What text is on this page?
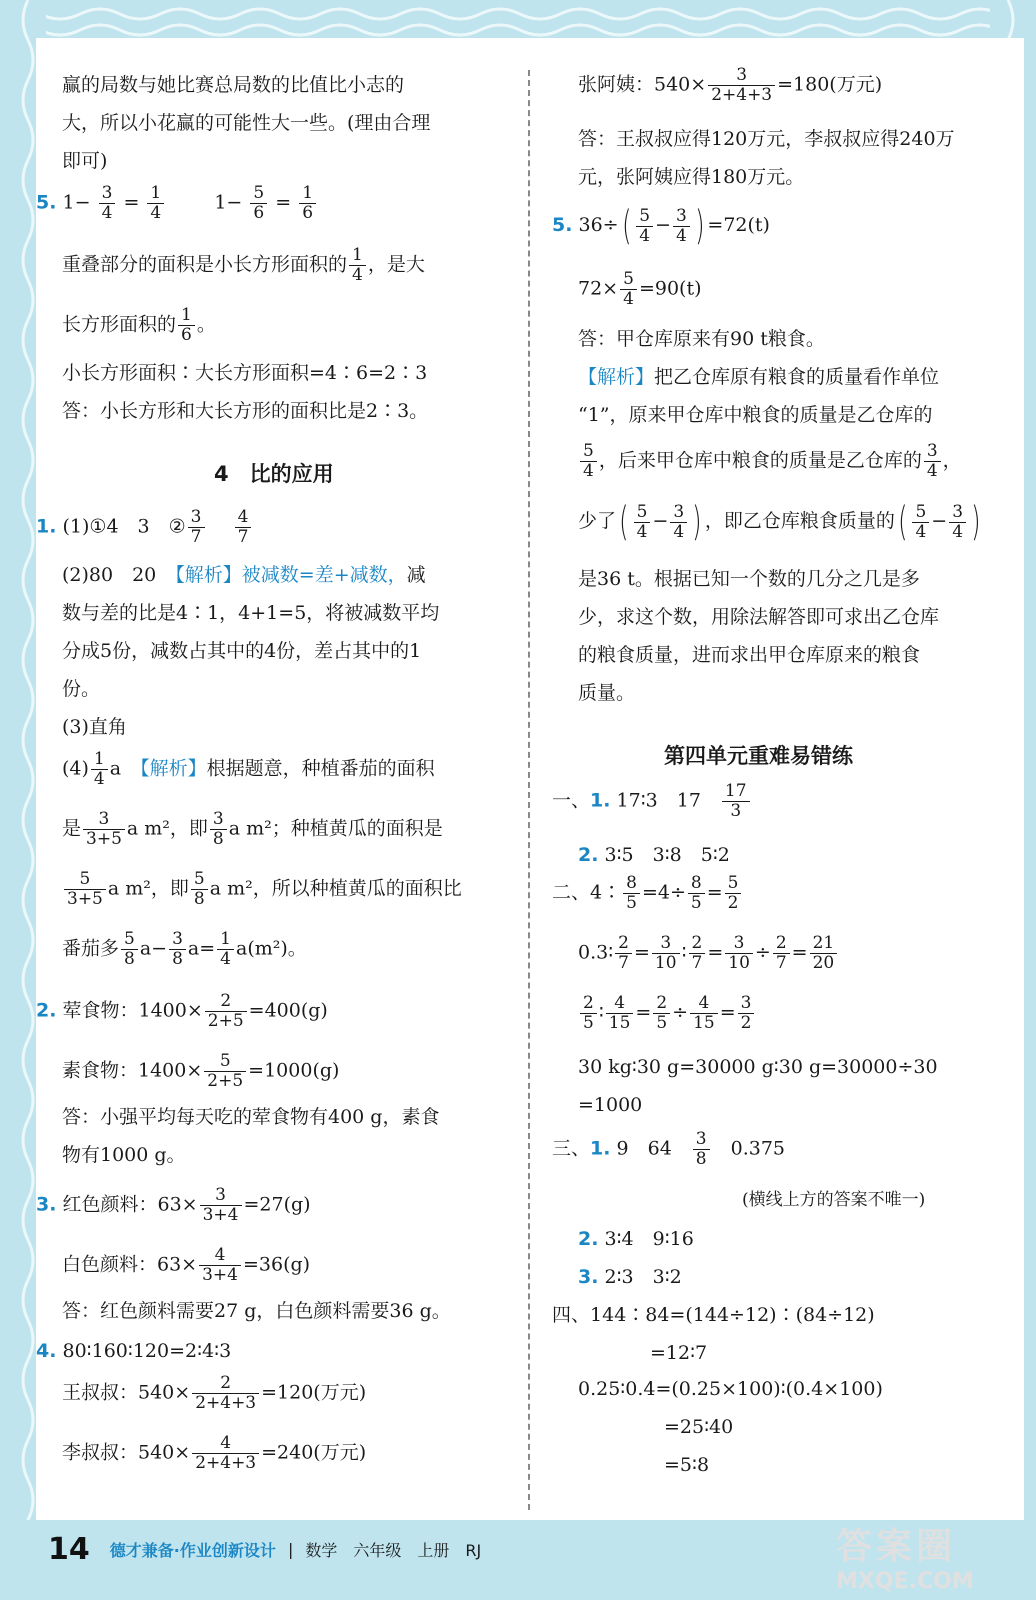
赢的局数与她比赛总局数的比值比小志的
大，所以小花赢的可能性大一些。(理由合理
即可)
5. $1- \frac{3}{4} = \frac{1}{4}$	$1- \frac{5}{6} = \frac{1}{6}$
重叠部分的面积是小长方形面积的 $\frac{1}{4}$ ，是大
长方形面积的 $\frac{1}{6}$ 。
小长方形面积∶大长方形面积=4∶6=2∶3
答：小长方形和大长方形的面积比是2∶3。
4　比的应用
1. (1)①4　3　② $\frac{3}{7}$
$\frac{4}{7}$
(2)80　20　【解析】被减数=差+减数，减
数与差的比是4∶1，4+1=5，将被减数平均
分成5份，减数占其中的4份，差占其中的1
份。
(3)直角
$(4) \frac{1}{4}$ a　【解析】根据题意，种植番茄的面积
是 $\frac{3}{3+5}$ a m²，即 $\frac{3}{8}$ a m²；种植黄瓜的面积是
$\frac{5}{3+5}$ a m²，即 $\frac{5}{8}$ a m²，所以种植黄瓜的面积比
番茄多 $\frac{5}{8} a- \frac{3}{8} a= \frac{1}{4} a(m^2)$。
2. 荤食物：$1400\times \frac{2}{2+5} =400(g)$
素食物：$1400\times \frac{5}{2+5} =1000(g)$
答：小强平均每天吃的荤食物有400 g，素食
物有1000 g。
3. 红色颜料：$63\times \frac{3}{3+4} =27(g)$
白色颜料：$63\times \frac{4}{3+4} =36(g)$
答：红色颜料需要27 g，白色颜料需要36 g。
4. 80∶160∶120=2∶4∶3
王叔叔：$540\times \frac{2}{2+4+3} =120$(万元)
李叔叔：$540\times \frac{4}{2+4+3} =240$(万元)
张阿姨：$540\times \frac{3}{2+4+3} =180$(万元)
答：王叔叔应得120万元，李叔叔应得240万
元，张阿姨应得180万元。
5. $36\div( \frac{5}{4} - \frac{3}{4}$ ) =72(t)
$72\times \frac{5}{4} =90(t)$
答：甲仓库原来有90 t粮食。
【解析】把乙仓库原有粮食的质量看作单位
“1”，原来甲仓库中粮食的质量是乙仓库的
$\frac{5}{4}$ ，后来甲仓库中粮食的质量是乙仓库的 $\frac{3}{4}$ ，
少了( $\frac{5}{4} - \frac{3}{4}$ ) ，即乙仓库粮食质量的( $\frac{5}{4} - \frac{3}{4}$ )
是36 t。根据已知一个数的几分之几是多
少，求这个数，用除法解答即可求出乙仓库
的粮食质量，进而求出甲仓库原来的粮食
质量。
第四单元重难易错练
一、1. 17∶3　17　 $\frac{17}{3}$
2. 3∶5　3∶8　5∶2
二、4∶ $\frac{8}{5} =4\div \frac{8}{5} = \frac{5}{2}$
0.3∶ $\frac{2}{7} = \frac{3}{10}$ ∶ $\frac{2}{7} = \frac{3}{10} \div \frac{2}{7} = \frac{21}{20}$
$\frac{2}{5}$ ∶ $\frac{4}{15} = \frac{2}{5} \div \frac{4}{15} = \frac{3}{2}$
30 kg∶30 g=30000 g∶30 g=30000÷30
=1000
三、1. 9　64　 $\frac{3}{8}$ 　0.375
(横线上方的答案不唯一)
2. 3∶4　9∶16
3. 2∶3　3∶2
四、144∶84=(144÷12)∶(84÷12)
=12∶7
0.25∶0.4=(0.25×100)∶(0.4×100)
=25∶40
=5∶8
14 德才兼备·作业创新设计 | 数学　六年级　上册　RJ	答案圈
MXQE.COM
